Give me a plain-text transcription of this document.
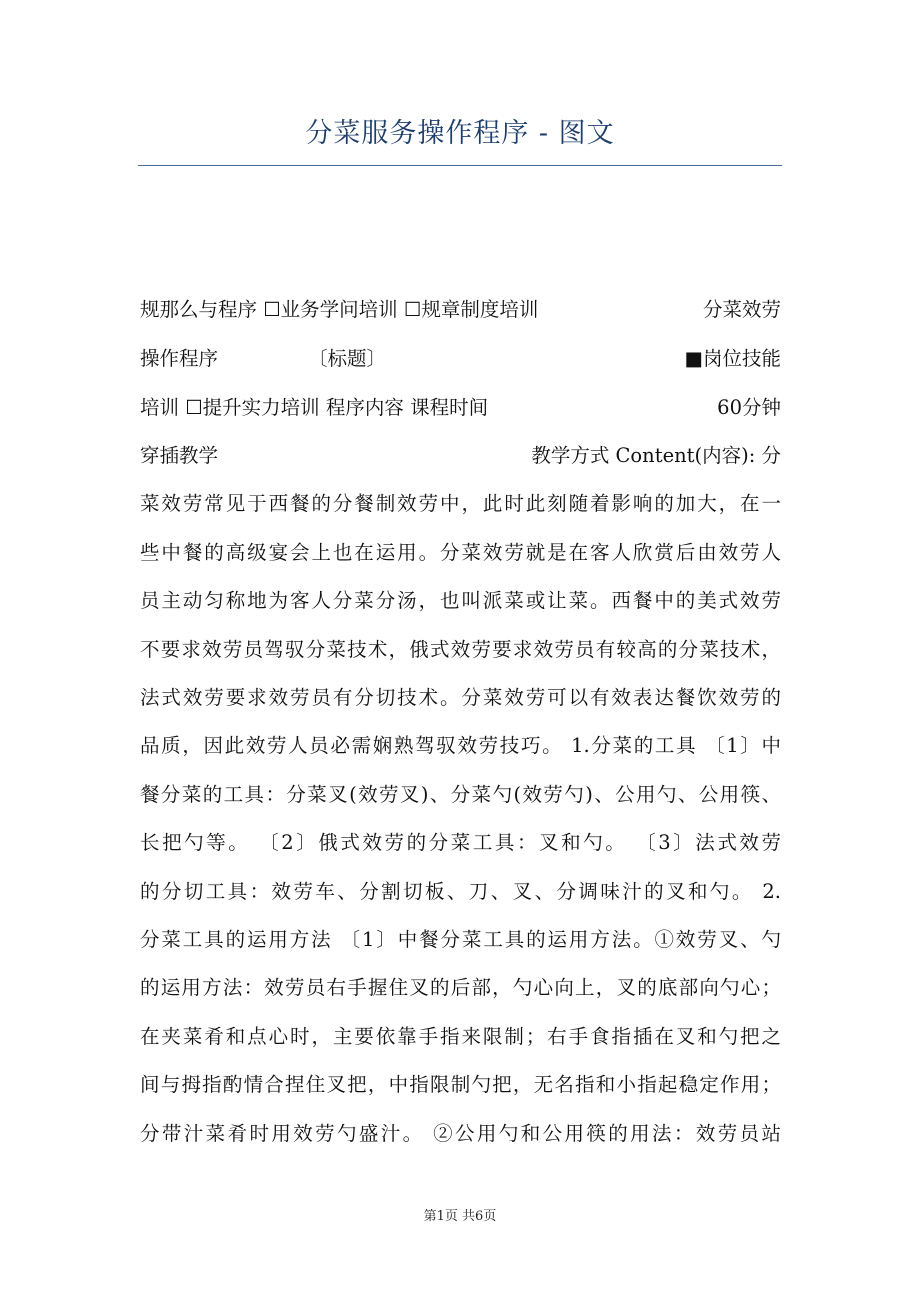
分菜服务操作程序 - 图文
规那么与程序 ☐业务学问培训 ☐规章制度培训	分菜效劳
操作程序	〔标题〕	■岗位技能
培训 ☐提升实力培训 程序内容 课程时间	60分钟
穿插教学	教学方式 Content(内容): 分
菜效劳常见于西餐的分餐制效劳中，此时此刻随着影响的加大，在一
些中餐的高级宴会上也在运用。分菜效劳就是在客人欣赏后由效劳人
员主动匀称地为客人分菜分汤，也叫派菜或让菜。西餐中的美式效劳
不要求效劳员驾驭分菜技术，俄式效劳要求效劳员有较高的分菜技术，
法式效劳要求效劳员有分切技术。分菜效劳可以有效表达餐饮效劳的
品质，因此效劳人员必需娴熟驾驭效劳技巧。 1.分菜的工具 〔1〕中
餐分菜的工具：分菜叉(效劳叉)、分菜勺(效劳勺)、公用勺、公用筷、
长把勺等。 〔2〕俄式效劳的分菜工具：叉和勺。 〔3〕法式效劳
的分切工具：效劳车、分割切板、刀、叉、分调味汁的叉和勺。 2.
分菜工具的运用方法 〔1〕中餐分菜工具的运用方法。①效劳叉、勺
的运用方法：效劳员右手握住叉的后部，勺心向上，叉的底部向勺心；
在夹菜肴和点心时，主要依靠手指来限制；右手食指插在叉和勺把之
间与拇指酌情合捏住叉把，中指限制勺把，无名指和小指起稳定作用；
分带汁菜肴时用效劳勺盛汁。 ②公用勺和公用筷的用法：效劳员站
第1页 共6页
